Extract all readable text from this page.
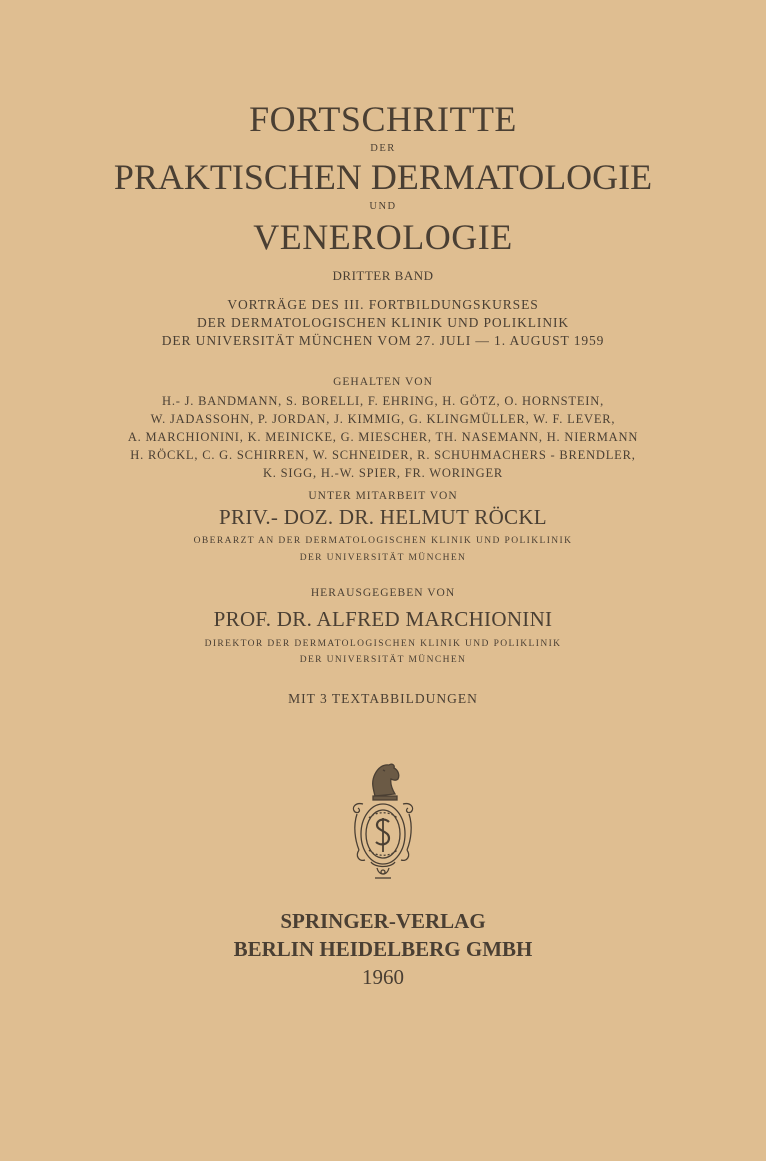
FORTSCHRITTE
DER
PRAKTISCHEN DERMATOLOGIE
UND
VENEROLOGIE
DRITTER BAND
VORTRÄGE DES III. FORTBILDUNGSKURSES
DER DERMATOLOGISCHEN KLINIK UND POLIKLINIK
DER UNIVERSITÄT MÜNCHEN VOM 27. JULI — 1. AUGUST 1959
GEHALTEN VON
H.- J. BANDMANN, S. BORELLI, F. EHRING, H. GÖTZ, O. HORNSTEIN,
W. JADASSOHN, P. JORDAN, J. KIMMIG, G. KLINGMÜLLER, W. F. LEVER,
A. MARCHIONINI, K. MEINICKE, G. MIESCHER, TH. NASEMANN, H. NIERMANN
H. RÖCKL, C. G. SCHIRREN, W. SCHNEIDER, R. SCHUHMACHERS - BRENDLER,
K. SIGG, H.-W. SPIER, FR. WORINGER
UNTER MITARBEIT VON
PRIV.- DOZ. DR. HELMUT RÖCKL
OBERARZT AN DER DERMATOLOGISCHEN KLINIK UND POLIKLINIK
DER UNIVERSITÄT MÜNCHEN
HERAUSGEGEBEN VON
PROF. DR. ALFRED MARCHIONINI
DIREKTOR DER DERMATOLOGISCHEN KLINIK UND POLIKLINIK
DER UNIVERSITÄT MÜNCHEN
MIT 3 TEXTABBILDUNGEN
SPRINGER-VERLAG
BERLIN HEIDELBERG GMBH
1960
